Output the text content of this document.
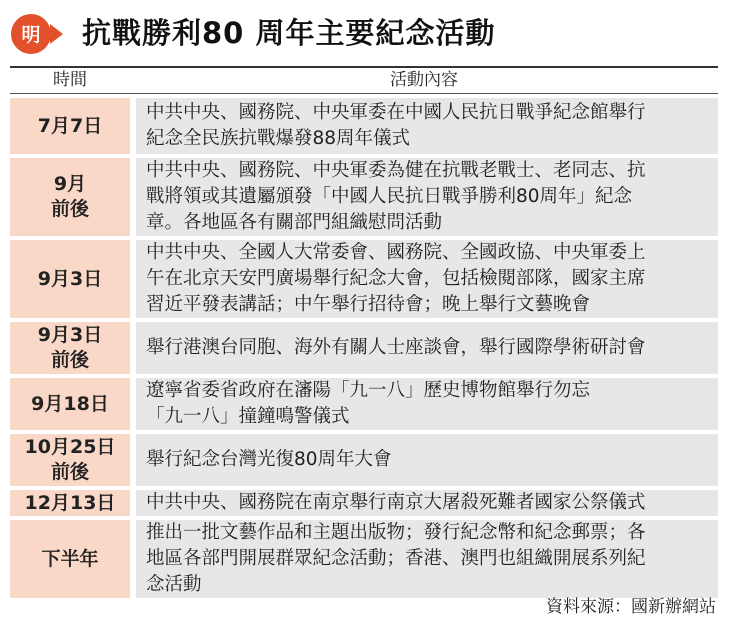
明 抗戰勝利80 周年主要紀念活動
時間	活動內容
7月7日
中共中央、國務院、中央軍委在中國人民抗日戰爭紀念館舉行
紀念全民族抗戰爆發88周年儀式
9月
前後
中共中央、國務院、中央軍委為健在抗戰老戰士、老同志、抗
戰將領或其遺屬頒發「中國人民抗日戰爭勝利80周年」紀念
章。各地區各有關部門組織慰問活動
9月3日
中共中央、全國人大常委會、國務院、全國政協、中央軍委上
午在北京天安門廣場舉行紀念大會，包括檢閱部隊，國家主席
習近平發表講話；中午舉行招待會；晚上舉行文藝晚會
9月3日
前後
舉行港澳台同胞、海外有關人士座談會，舉行國際學術研討會
9月18日
遼寧省委省政府在瀋陽「九一八」歷史博物館舉行勿忘
「九一八」撞鐘鳴警儀式
10月25日
前後
舉行紀念台灣光復80周年大會
12月13日 中共中央、國務院在南京舉行南京大屠殺死難者國家公祭儀式
下半年
推出一批文藝作品和主題出版物；發行紀念幣和紀念郵票；各
地區各部門開展群眾紀念活動；香港、澳門也組織開展系列紀
念活動
資料來源：國新辦網站
